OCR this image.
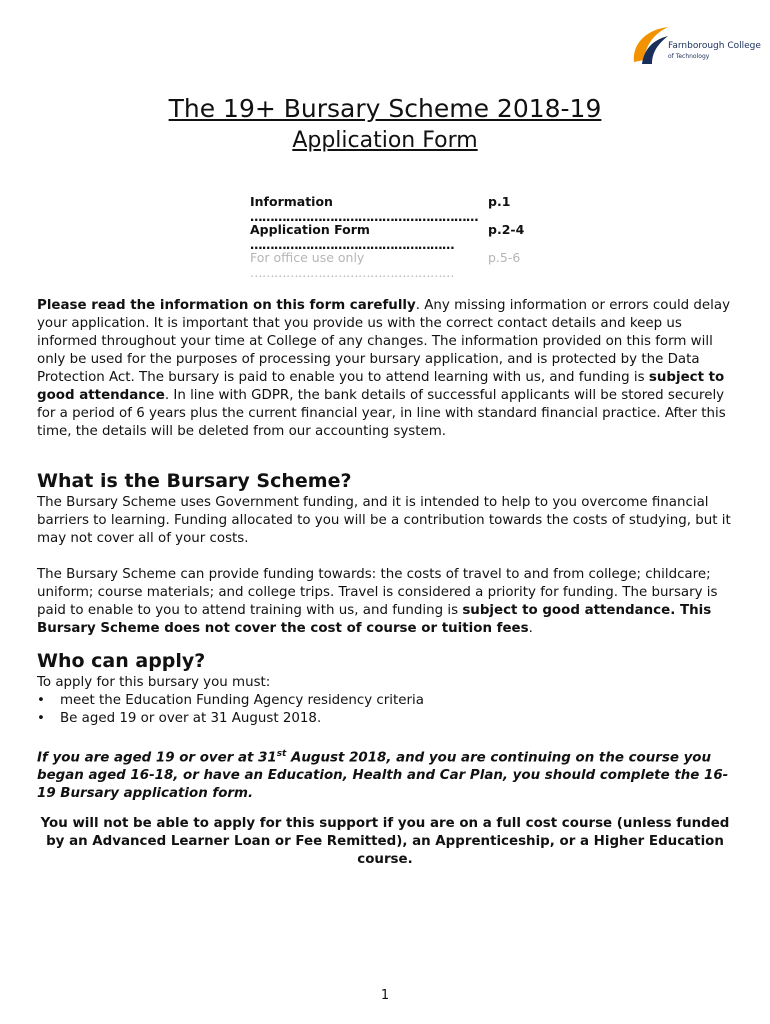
Farnborough College
of Technology
The 19+ Bursary Scheme 2018-19
Application Form
Information
…………………………………………………
p.1
Application Form
……………………………………………
p.2-4
For office use only
……………………………………………
p.5-6

Please read the information on this form carefully. Any missing information or errors could delay your application. It is important that you provide us with the correct contact details and keep us informed throughout your time at College of any changes. The information provided on this form will only be used for the purposes of processing your bursary application, and is protected by the Data Protection Act. The bursary is paid to enable you to attend learning with us, and funding is subject to good attendance. In line with GDPR, the bank details of successful applicants will be stored securely for a period of 6 years plus the current financial year, in line with standard financial practice. After this time, the details will be deleted from our accounting system.

What is the Bursary Scheme?

The Bursary Scheme uses Government funding, and it is intended to help to you overcome financial barriers to learning. Funding allocated to you will be a contribution towards the costs of studying, but it may not cover all of your costs.

The Bursary Scheme can provide funding towards: the costs of travel to and from college; childcare; uniform; course materials; and college trips. Travel is considered a priority for funding. The bursary is paid to enable to you to attend training with us, and funding is subject to good attendance. This Bursary Scheme does not cover the cost of course or tuition fees.

Who can apply?

To apply for this bursary you must:

• meet the Education Funding Agency residency criteria
• Be aged 19 or over at 31 August 2018.

If you are aged 19 or over at 31st August 2018, and you are continuing on the course you began aged 16-18, or have an Education, Health and Car Plan, you should complete the 16-19 Bursary application form.

You will not be able to apply for this support if you are on a full cost course (unless funded by an Advanced Learner Loan or Fee Remitted), an Apprenticeship, or a Higher Education course.

1
